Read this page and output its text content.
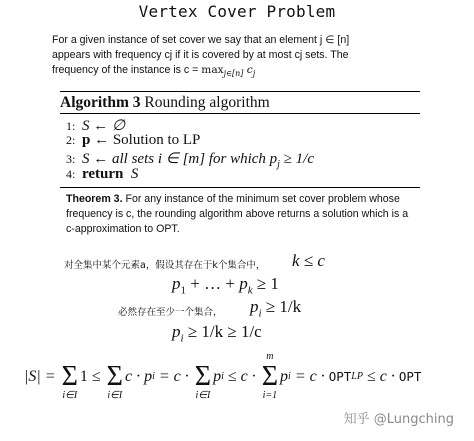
Vertex Cover Problem
For a given instance of set cover we say that an element j ∈ [n]
appears with frequency cj if it is covered by at most cj sets. The
frequency of the instance is $c = \max_{j\in[n]} c_j$
Algorithm 3 Rounding algorithm
1: S ← ∅
2: p ← Solution to LP
3: S ← all sets i ∈ [m] for which $p_j \ge 1/c$
4: return  S
Theorem 3. For any instance of the minimum set cover problem whose frequency is c, the rounding algorithm above returns a solution which is a c-approximation to OPT.
对全集中某个元素a，假设其存在于k个集合中， k ≤ c
$p_1$ + … + $p_k \ge 1$
必然存在至少一个集合， $p_i \ge 1/k$
$p_i \ge 1/k \ge 1/c$
|S| = Σ
i∈I
1 ≤ Σ
i∈I
c · p i = c · Σ
i∈I
p i ≤ c ·
m
Σ
i=1
p i = c · OPT LP ≤ c · OPT
知乎 @Lungching
